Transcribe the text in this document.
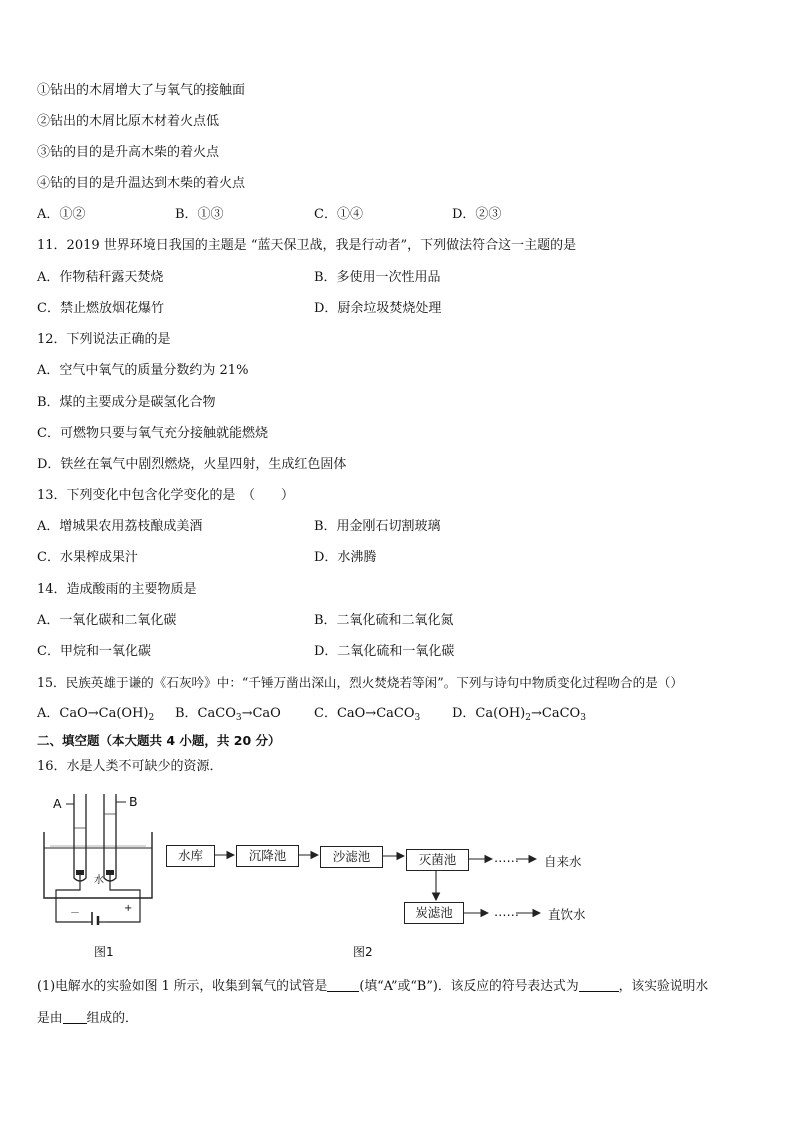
①钻出的木屑增大了与氧气的接触面
②钻出的木屑比原木材着火点低
③钻的目的是升高木柴的着火点
④钻的目的是升温达到木柴的着火点
A．①②	B．①③	C．①④	D．②③
11．2019 世界环境日我国的主题是 “蓝天保卫战，我是行动者”，下列做法符合这一主题的是
A．作物秸秆露天焚烧	B．多使用一次性用品
C．禁止燃放烟花爆竹	D．厨余垃圾焚烧处理
12．下列说法正确的是
A．空气中氧气的质量分数约为 21%
B．煤的主要成分是碳氢化合物
C．可燃物只要与氧气充分接触就能燃烧
D．铁丝在氧气中剧烈燃烧，火星四射，生成红色固体
13．下列变化中包含化学变化的是　（　　）
A．增城果农用荔枝酿成美酒	B．用金刚石切割玻璃
C．水果榨成果汁	D．水沸腾
14．造成酸雨的主要物质是
A．一氧化碳和二氧化碳	B．二氧化硫和二氧化氮
C．甲烷和一氧化碳	D．二氧化硫和一氧化碳
15．民族英雄于谦的《石灰吟》中：“千锤万凿出深山，烈火焚烧若等闲”。下列与诗句中物质变化过程吻合的是（）
A．$CaO\to Ca(OH)_2$ B．CaCO$_3$→CaO	C．CaO→CaCO$_3$ D．$Ca(OH)_2\to CaCO_3$
二、填空题（本大题共 4 小题，共 20 分）
16．水是人类不可缺少的资源．
A	B
水
－	+
图1
水库	沉降池	沙滤池	灭菌池
炭滤池
……
……
自来水
直饮水
图2
(1)电解水的实验如图 1 所示，收集到氧气的试管是	(填“A”或“B”)．该反应的符号表达式为	，该实验说明水
是由 组成的．
